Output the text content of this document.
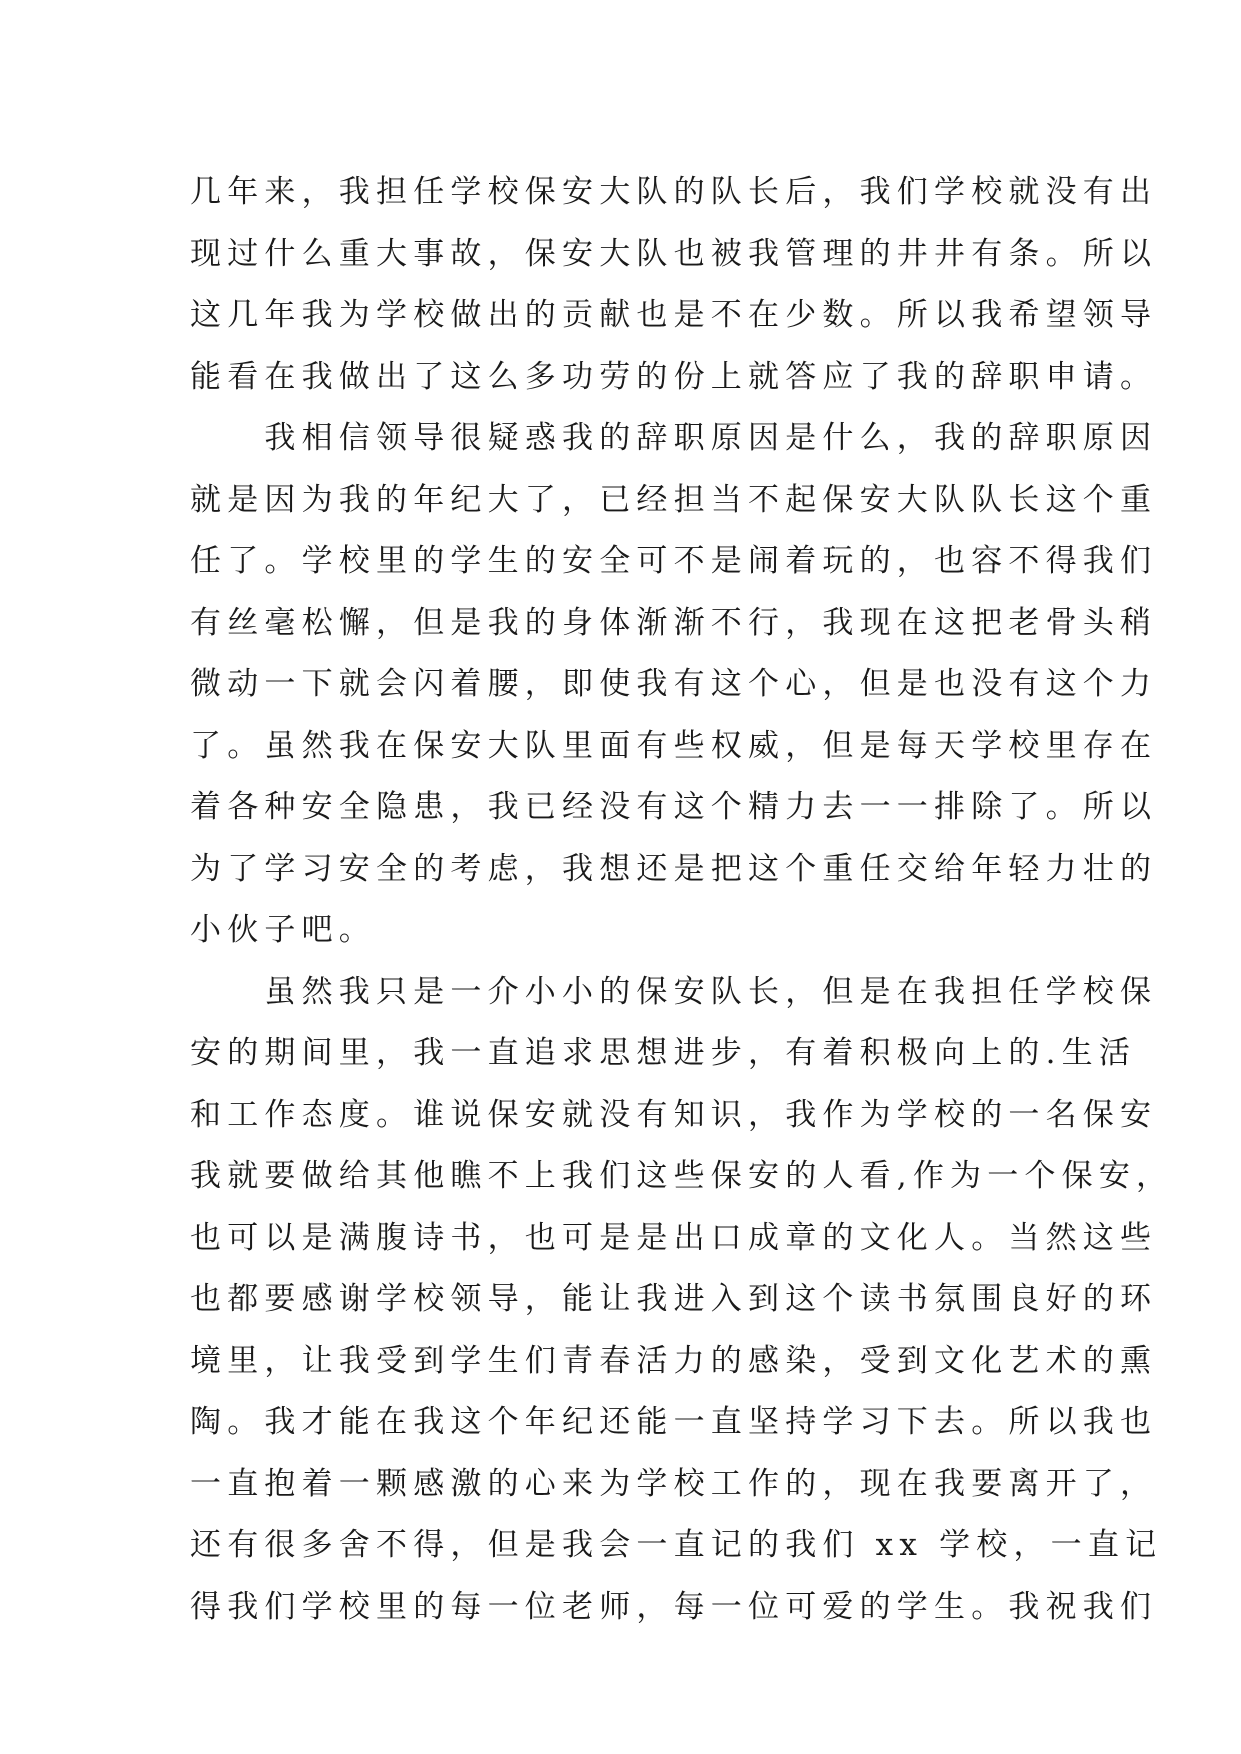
几年来，我担任学校保安大队的队长后，我们学校就没有出
现过什么重大事故，保安大队也被我管理的井井有条。所以
这几年我为学校做出的贡献也是不在少数。所以我希望领导
能看在我做出了这么多功劳的份上就答应了我的辞职申请。
　　我相信领导很疑惑我的辞职原因是什么，我的辞职原因
就是因为我的年纪大了，已经担当不起保安大队队长这个重
任了。学校里的学生的安全可不是闹着玩的，也容不得我们
有丝毫松懈，但是我的身体渐渐不行，我现在这把老骨头稍
微动一下就会闪着腰，即使我有这个心，但是也没有这个力
了。虽然我在保安大队里面有些权威，但是每天学校里存在
着各种安全隐患，我已经没有这个精力去一一排除了。所以
为了学习安全的考虑，我想还是把这个重任交给年轻力壮的
小伙子吧。
　　虽然我只是一介小小的保安队长，但是在我担任学校保
安的期间里，我一直追求思想进步，有着积极向上的.生活
和工作态度。谁说保安就没有知识，我作为学校的一名保安
我就要做给其他瞧不上我们这些保安的人看,作为一个保安，
也可以是满腹诗书，也可是是出口成章的文化人。当然这些
也都要感谢学校领导，能让我进入到这个读书氛围良好的环
境里，让我受到学生们青春活力的感染，受到文化艺术的熏
陶。我才能在我这个年纪还能一直坚持学习下去。所以我也
一直抱着一颗感激的心来为学校工作的，现在我要离开了，
还有很多舍不得，但是我会一直记的我们 xx 学校，一直记
得我们学校里的每一位老师，每一位可爱的学生。我祝我们
